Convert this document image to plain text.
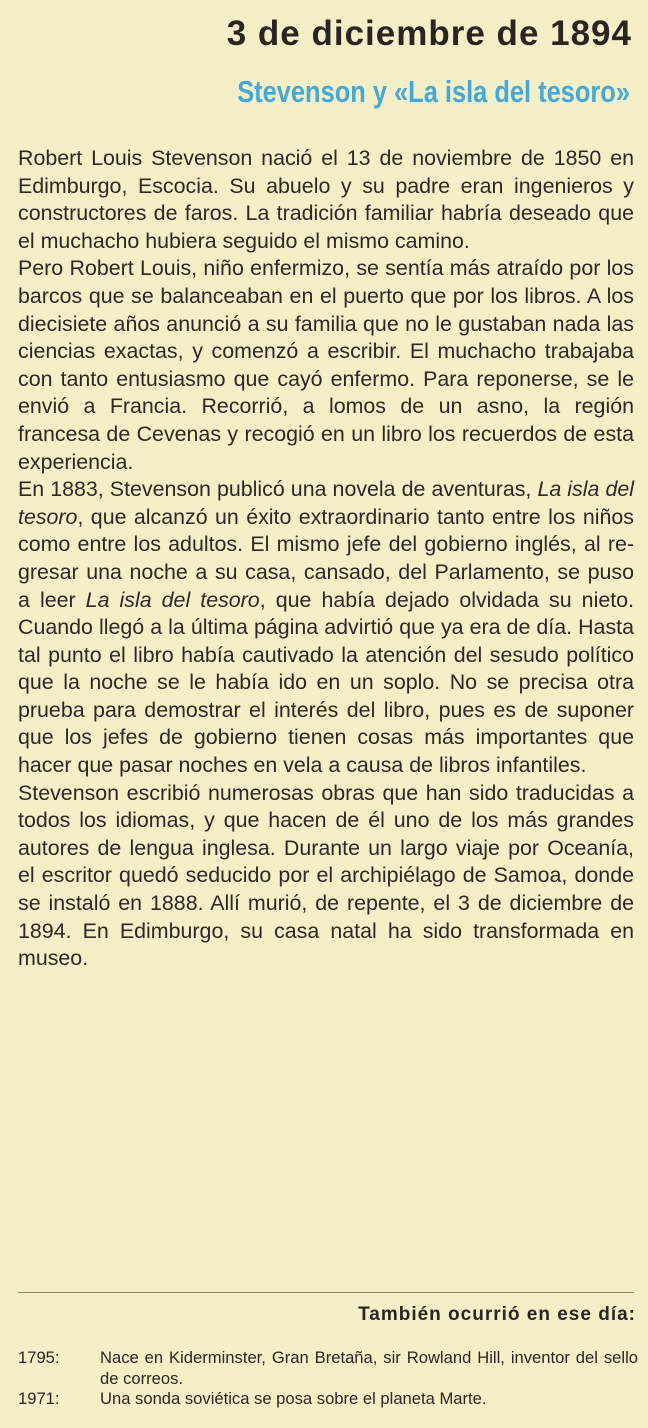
3 de diciembre de 1894
Stevenson y «La isla del tesoro»

Robert Louis Stevenson nació el 13 de noviembre de 1850 en Edimburgo, Escocia. Su abuelo y su padre eran ingenieros y constructores de faros. La tradición familiar habría deseado que el muchacho hubiera seguido el mismo camino.

Pero Robert Louis, niño enfermizo, se sentía más atraído por los barcos que se balanceaban en el puerto que por los libros. A los diecisiete años anunció a su familia que no le gustaban nada las ciencias exactas, y comenzó a escribir. El muchacho trabajaba con tanto entusiasmo que cayó enfermo. Para reponerse, se le envió a Francia. Recorrió, a lomos de un asno, la región francesa de Cevenas y recogió en un libro los recuerdos de esta experiencia.

En 1883, Stevenson publicó una novela de aventuras, La isla del tesoro, que alcanzó un éxito extraordinario tanto entre los niños como entre los adultos. El mismo jefe del gobierno inglés, al regresar una noche a su casa, cansado, del Parlamento, se puso a leer La isla del tesoro, que había dejado olvidada su nieto. Cuando llegó a la última página advirtió que ya era de día. Hasta tal punto el libro había cautivado la atención del sesudo político que la noche se le había ido en un soplo. No se precisa otra prueba para demostrar el interés del libro, pues es de suponer que los jefes de gobierno tienen cosas más importantes que hacer que pasar noches en vela a causa de libros infantiles.

Stevenson escribió numerosas obras que han sido traducidas a todos los idiomas, y que hacen de él uno de los más grandes autores de lengua inglesa. Durante un largo viaje por Oceanía, el escritor quedó seducido por el archipiélago de Samoa, donde se instaló en 1888. Allí murió, de repente, el 3 de diciembre de 1894. En Edimburgo, su casa natal ha sido transformada en museo.

También ocurrió en ese día:
1795:	Nace en Kiderminster, Gran Bretaña, sir Rowland Hill, inventor del sello de correos.
1971:	Una sonda soviética se posa sobre el planeta Marte.
